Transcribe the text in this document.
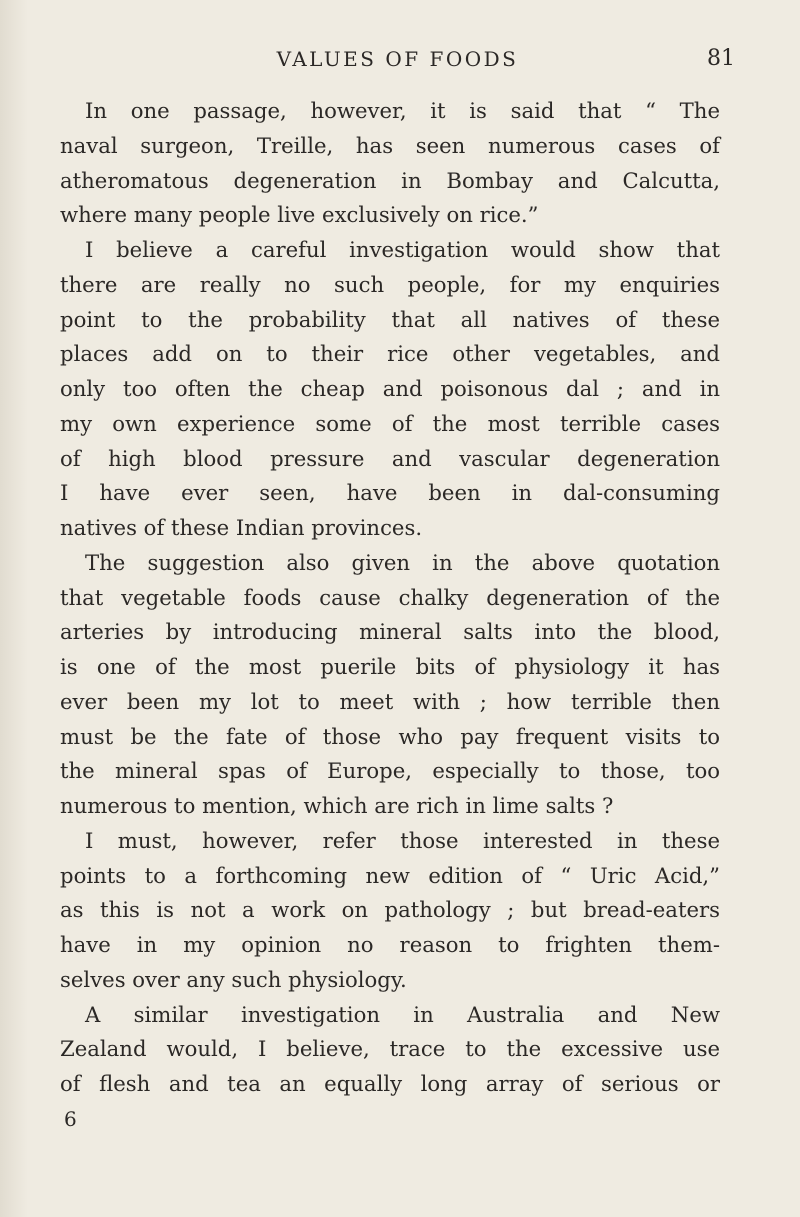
VALUES OF FOODS	81
In one passage, however, it is said that “ The
naval surgeon, Treille, has seen numerous cases of
atheromatous degeneration in Bombay and Calcutta,
where many people live exclusively on rice.”
I believe a careful investigation would show that
there are really no such people, for my enquiries
point to the probability that all natives of these
places add on to their rice other vegetables, and
only too often the cheap and poisonous dal ; and in
my own experience some of the most terrible cases
of high blood pressure and vascular degeneration
I have ever seen, have been in dal-consuming
natives of these Indian provinces.
The suggestion also given in the above quotation
that vegetable foods cause chalky degeneration of the
arteries by introducing mineral salts into the blood,
is one of the most puerile bits of physiology it has
ever been my lot to meet with ; how terrible then
must be the fate of those who pay frequent visits to
the mineral spas of Europe, especially to those, too
numerous to mention, which are rich in lime salts ?
I must, however, refer those interested in these
points to a forthcoming new edition of “ Uric Acid,”
as this is not a work on pathology ; but bread-eaters
have in my opinion no reason to frighten them-
selves over any such physiology.
A similar investigation in Australia and New
Zealand would, I believe, trace to the excessive use
of flesh and tea an equally long array of serious or
6
